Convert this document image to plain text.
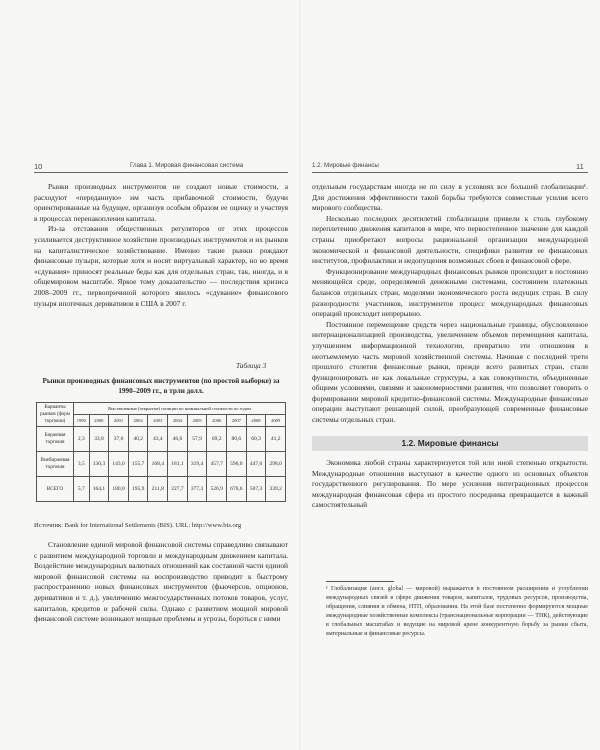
10	Глава 1. Мировая финансовая система

Рынки производных инструментов не создают новые стоимости, а расходуют «переданную» им часть прибавочной стоимости, будучи ориентированные на будущее, организуя особым образом ее оценку и участвуя в процессах перенакопления капитала.

Из-за отставания общественных регуляторов от этих процессов усиливается деструктивное хозяйствие производных инструментов и их рынков на капиталистическое хозяйствование. Именно такие рынки рождают финансовые пузыри, которые хотя и носят виртуальный характер, но во время «сдувания» приносят реальные беды как для отдельных стран, так, иногда, и в общемировом масштабе. Яркое тому доказательство — последствия кризиса 2008–2009 гг., первопричиной которого явилось «сдувание» финансового пузыря ипотечных деривативов в США в 2007 г.

Таблица 3
Рынки производных финансовых инструментов (по простой выборке) за 1990–2009 гг., в трлн долл.
Варианты рынков (форм торговли)	Выставленные (открытые) позиции по номинальной стоимости по годам										
	1990	2000	2001	2002	2003	2004	2005	2006	2007	2008	2009
Биржевая торговля	2,3	33,8	37,0	40,2	43,4	46,6	57,9	69,2	80,6	60,3	41,2
Внебиржевая торговля	3,5	130,3	143,0	155,7	168,4	181,1	319,4	457,7	596,0	447,0	298,0
ВСЕГО	5,7	164,1	180,0	195,9	211,8	227,7	377,3	526,9	676,6	507,3	339,2
Источник: Bank for International Settlements (BIS). URL: http://www.bis.org

Становление единой мировой финансовой системы справедливо связывают с развитием международной торговли и международным движением капитала. Воздействие международных валютных отношений как составной части единой мировой финансовой системы на воспроизводство приводит к быстрому распространению новых финансовых инструментов (фьючерсов, опционов, деривативов и т. д.), увеличению межгосударственных потоков товаров, услуг, капиталов, кредитов и рабочей силы. Однако с развитием мощной мировой финансовой системе возникают мощные проблемы и угрозы, бороться с ними

1.2. Мировые финансы	11

отдельным государствам иногда не по силу в условиях все большей глобализации¹. Для достижения эффективности такой борьбы требуются совместные усилия всего мирового сообщества.

Несколько последних десятилетий глобализация привели к столь глубокому переплетению движения капиталов в мире, что первостепенное значение для каждой страны приобретают вопросы рациональной организации международной экономической и финансовой деятельности, специфики развития ее финансовых институтов, профилактики и недопущения возможных сбоев в финансовой сфере.

Функционирование международных финансовых рынков происходит в постоянно меняющейся среде, определяемой денежными системами, состоянием платежных балансов отдельных стран, моделями экономического роста ведущих стран. В силу разнородности участников, инструментов процесс международных финансовых операций происходит непрерывно.

Постоянное перемещение средств через национальные границы, обусловленное интернационализацией производства, увеличением объемов перемещения капитала, улучшением информационной технологии, превратило эти отношения в неотъемлемую часть мировой хозяйственной системы. Начиная с последней трети прошлого столетия финансовые рынки, прежде всего развитых стран, стали функционировать не как локальные структуры, а как совокупности, объединенные общими условиями, связями и закономерностями развития, что позволяет говорить о формировании мировой кредитно-финансовой системы. Международные финансовые операции выступают решающей силой, преобразующей современные финансовые системы отдельных стран.

1.2. Мировые финансы

Экономика любой страны характеризуется той или иной степенью открытости. Международные отношения выступают в качестве одного из основных объектов государственного регулирования. По мере усиления интеграционных процессов международная финансовая сфера из простого посредника превращается в важный самостоятельный

¹ Глобализация (англ. global — мировой) выражается в постоянном расширении и углублении международных связей в сфере движения товаров, капиталов, трудовых ресурсов, производства, обращения, слияния и обмена, НТП, образования. На этой базе постепенно формируются мощные международные хозяйственные комплексы (транснациональные корпорации — ТНК), действующие в глобальных масштабах и ведущие на мировой арене конкурентную борьбу за рынки сбыта, материальные и финансовые ресурсы.
